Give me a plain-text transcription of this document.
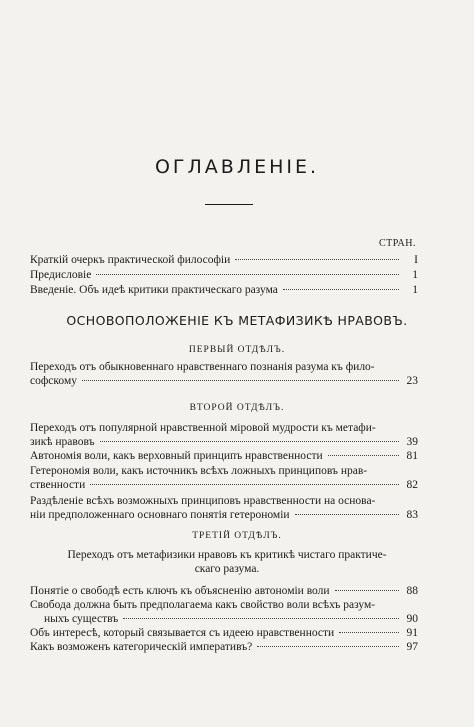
ОГЛАВЛЕНIE.
СТРАН.
Краткiй очеркъ практической философiи	I
Предисловie	1
Введенie. Объ идеѣ критики практическаго разума	1
ОСНОВОПОЛОЖЕНIЕ КЪ МЕТАФИЗИКѢ НРАВОВЪ.
ПЕРВЫЙ ОТДѢЛЪ.
Переходъ отъ обыкновеннаго нравственнаго познанія разума къ фило-
софскому	23
ВТОРОЙ ОТДѢЛЪ.
Переходъ отъ популярной нравственной мiровой мудрости къ метафи-
зикѣ нравовъ	39
Автономiя воли, какъ верховный принципъ нравственности	81
Гетерономiя воли, какъ источникъ всѣхъ ложныхъ принциповъ нрав-
ственности	82
Раздѣленіе всѣхъ возможныхъ принциповъ нравственности на основа-
нiи предположеннаго основнаго понятія гетерономіи	83
ТРЕТIЙ ОТДѢЛЪ.
Переходъ отъ метафизики нравовъ къ критикѣ чистаго практиче-
скаго разума.
Понятie о свободѣ есть ключъ къ объясненію автономiи воли	88
Свобода должна быть предполагаема какъ свойство воли всѣхъ разум-
ныхъ существъ	90
Объ интересѣ, который связывается съ идеею нравственности	91
Какъ возможенъ категорическій императивъ?	97
